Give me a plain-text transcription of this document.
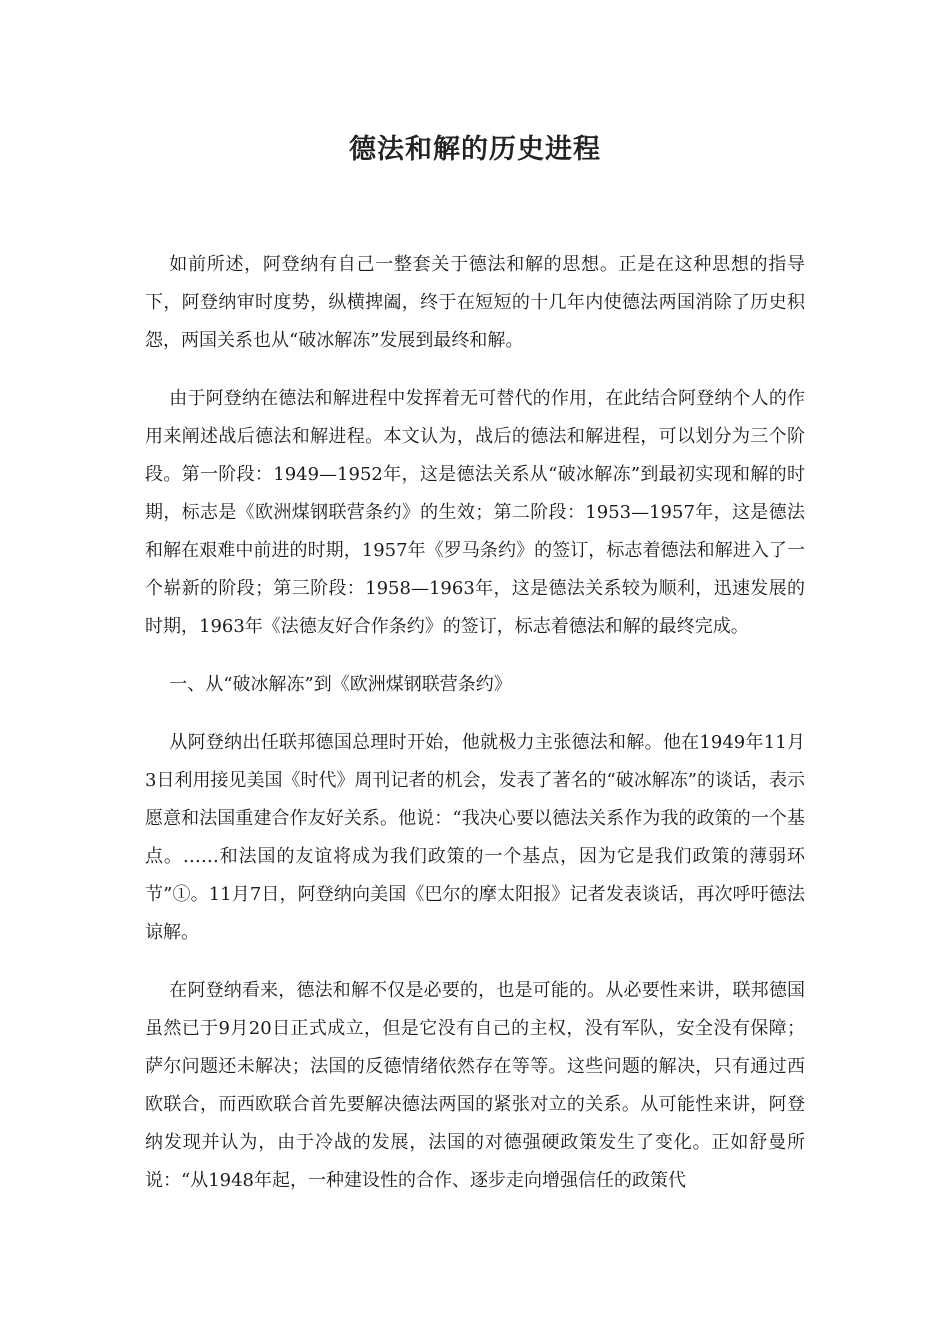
德法和解的历史进程

如前所述，阿登纳有自己一整套关于德法和解的思想。正是在这种思想的指导下，阿登纳审时度势，纵横捭阖，终于在短短的十几年内使德法两国消除了历史积怨，两国关系也从“破冰解冻”发展到最终和解。

由于阿登纳在德法和解进程中发挥着无可替代的作用，在此结合阿登纳个人的作用来阐述战后德法和解进程。本文认为，战后的德法和解进程，可以划分为三个阶段。第一阶段：1949—1952年，这是德法关系从“破冰解冻”到最初实现和解的时期，标志是《欧洲煤钢联营条约》的生效；第二阶段：1953—1957年，这是德法和解在艰难中前进的时期，1957年《罗马条约》的签订，标志着德法和解进入了一个崭新的阶段；第三阶段：1958—1963年，这是德法关系较为顺利，迅速发展的时期，1963年《法德友好合作条约》的签订，标志着德法和解的最终完成。

一、从“破冰解冻”到《欧洲煤钢联营条约》

从阿登纳出任联邦德国总理时开始，他就极力主张德法和解。他在1949年11月3日利用接见美国《时代》周刊记者的机会，发表了著名的“破冰解冻”的谈话，表示愿意和法国重建合作友好关系。他说：“我决心要以德法关系作为我的政策的一个基点。……和法国的友谊将成为我们政策的一个基点，因为它是我们政策的薄弱环节”①。11月7日，阿登纳向美国《巴尔的摩太阳报》记者发表谈话，再次呼吁德法谅解。

在阿登纳看来，德法和解不仅是必要的，也是可能的。从必要性来讲，联邦德国虽然已于9月20日正式成立，但是它没有自己的主权，没有军队，安全没有保障；萨尔问题还未解决；法国的反德情绪依然存在等等。这些问题的解决，只有通过西欧联合，而西欧联合首先要解决德法两国的紧张对立的关系。从可能性来讲，阿登纳发现并认为，由于冷战的发展，法国的对德强硬政策发生了变化。正如舒曼所说：“从1948年起，一种建设性的合作、逐步走向增强信任的政策代
